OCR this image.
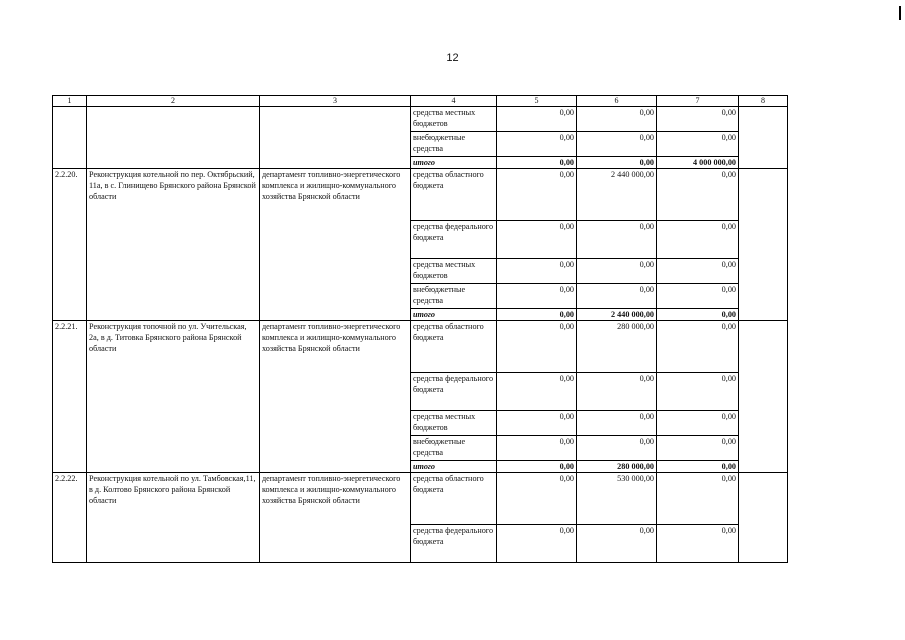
12
1	2	3	4	5	6	7	8
			средства местных бюджетов	0,00	0,00	0,00	
			внебюджетные средства	0,00	0,00	0,00	
			итого	0,00	0,00	4 000 000,00	
2.2.20.	Реконструкция котельной по пер. Октябрьский, 11а, в с. Глинищево Брянского района Брянской области	департамент топливно-энергетического комплекса и жилищно-коммунального хозяйства Брянской области	средства областного бюджета	0,00	2 440 000,00	0,00	
			средства федерального бюджета	0,00	0,00	0,00	
			средства местных бюджетов	0,00	0,00	0,00	
			внебюджетные средства	0,00	0,00	0,00	
			итого	0,00	2 440 000,00	0,00	
2.2.21.	Реконструкция топочной по ул. Учительская, 2а, в д. Титовка Брянского района Брянской области	департамент топливно-энергетического комплекса и жилищно-коммунального хозяйства Брянской области	средства областного бюджета	0,00	280 000,00	0,00	
			средства федерального бюджета	0,00	0,00	0,00	
			средства местных бюджетов	0,00	0,00	0,00	
			внебюджетные средства	0,00	0,00	0,00	
			итого	0,00	280 000,00	0,00	
2.2.22.	Реконструкция котельной по ул. Тамбовская,11, в д. Колтово Брянского района Брянской области	департамент топливно-энергетического комплекса и жилищно-коммунального хозяйства Брянской области	средства областного бюджета	0,00	530 000,00	0,00	
			средства федерального бюджета	0,00	0,00	0,00	
